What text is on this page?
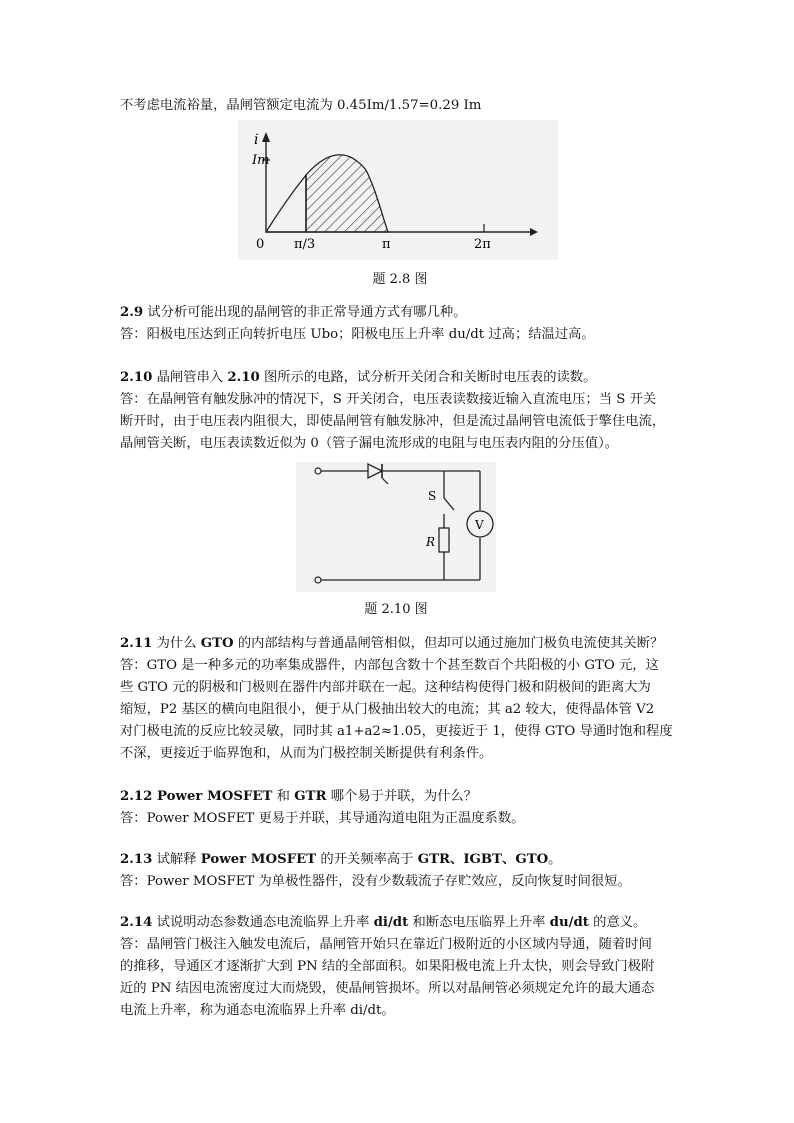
不考虑电流裕量，晶闸管额定电流为 0.45Im/1.57=0.29 Im
i
Im
0 π/3	π	2π
题 2.8 图
2.9 试分析可能出现的晶闸管的非正常导通方式有哪几种。
答：阳极电压达到正向转折电压 Ubo；阳极电压上升率 du/dt 过高；结温过高。
2.10 晶闸管串入 2.10 图所示的电路，试分析开关闭合和关断时电压表的读数。
答：在晶闸管有触发脉冲的情况下，S 开关闭合，电压表读数接近输入直流电压；当 S 开关
断开时，由于电压表内阻很大，即使晶闸管有触发脉冲，但是流过晶闸管电流低于擎住电流，
晶闸管关断，电压表读数近似为 0（管子漏电流形成的电阻与电压表内阻的分压值）。
S
R
V
题 2.10 图
2.11 为什么 GTO 的内部结构与普通晶闸管相似，但却可以通过施加门极负电流使其关断？
答：GTO 是一种多元的功率集成器件，内部包含数十个甚至数百个共阳极的小 GTO 元，这
些 GTO 元的阴极和门极则在器件内部并联在一起。这种结构使得门极和阴极间的距离大为
缩短，P2 基区的横向电阻很小，便于从门极抽出较大的电流；其 a2 较大，使得晶体管 V2
对门极电流的反应比较灵敏，同时其 a1+a2≈1.05，更接近于 1，使得 GTO 导通时饱和程度
不深，更接近于临界饱和，从而为门极控制关断提供有利条件。
2.12 Power MOSFET 和 GTR 哪个易于并联，为什么？
答：Power MOSFET 更易于并联，其导通沟道电阻为正温度系数。
2.13 试解释 Power MOSFET 的开关频率高于 GTR、IGBT、GTO。
答：Power MOSFET 为单极性器件，没有少数载流子存贮效应，反向恢复时间很短。
2.14 试说明动态参数通态电流临界上升率 di/dt 和断态电压临界上升率 du/dt 的意义。
答：晶闸管门极注入触发电流后，晶闸管开始只在靠近门极附近的小区域内导通，随着时间
的推移，导通区才逐渐扩大到 PN 结的全部面积。如果阳极电流上升太快，则会导致门极附
近的 PN 结因电流密度过大而烧毁，使晶闸管损坏。所以对晶闸管必须规定允许的最大通态
电流上升率，称为通态电流临界上升率 di/dt。
